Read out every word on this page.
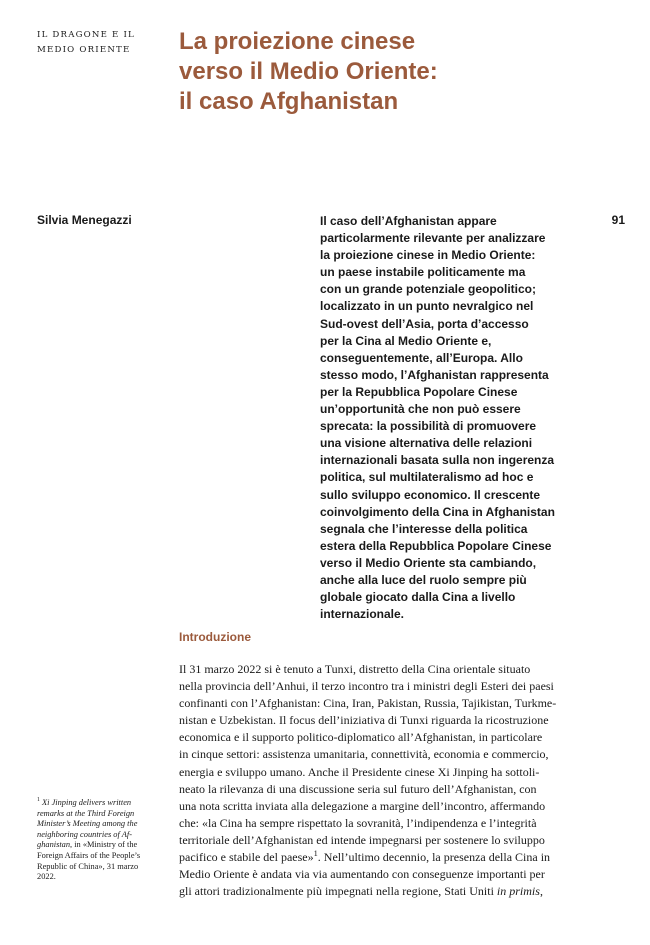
IL DRAGONE E IL
MEDIO ORIENTE	La proiezione cinese
verso il Medio Oriente:
il caso Afghanistan
Silvia Menegazzi	91
Il caso dell’Afghanistan appare
particolarmente rilevante per analizzare
la proiezione cinese in Medio Oriente:
un paese instabile politicamente ma
con un grande potenziale geopolitico;
localizzato in un punto nevralgico nel
Sud-ovest dell’Asia, porta d’accesso
per la Cina al Medio Oriente e,
conseguentemente, all’Europa. Allo
stesso modo, l’Afghanistan rappresenta
per la Repubblica Popolare Cinese
un’opportunità che non può essere
sprecata: la possibilità di promuovere
una visione alternativa delle relazioni
internazionali basata sulla non ingerenza
politica, sul multilateralismo ad hoc e
sullo sviluppo economico. Il crescente
coinvolgimento della Cina in Afghanistan
segnala che l’interesse della politica
estera della Repubblica Popolare Cinese
verso il Medio Oriente sta cambiando,
anche alla luce del ruolo sempre più
globale giocato dalla Cina a livello
internazionale.
Introduzione
Il 31 marzo 2022 si è tenuto a Tunxi, distretto della Cina orientale situato
nella provincia dell’Anhui, il terzo incontro tra i ministri degli Esteri dei paesi
confinanti con l’Afghanistan: Cina, Iran, Pakistan, Russia, Tajikistan, Turkme-
nistan e Uzbekistan. Il focus dell’iniziativa di Tunxi riguarda la ricostruzione
economica e il supporto politico-diplomatico all’Afghanistan, in particolare
in cinque settori: assistenza umanitaria, connettività, economia e commercio,
energia e sviluppo umano. Anche il Presidente cinese Xi Jinping ha sottoli-
neato la rilevanza di una discussione seria sul futuro dell’Afghanistan, con
una nota scritta inviata alla delegazione a margine dell’incontro, affermando
che: «la Cina ha sempre rispettato la sovranità, l’indipendenza e l’integrità
territoriale dell’Afghanistan ed intende impegnarsi per sostenere lo sviluppo
pacifico e stabile del paese»$^1$. Nell’ultimo decennio, la presenza della Cina in
Medio Oriente è andata via via aumentando con conseguenze importanti per
gli attori tradizionalmente più impegnati nella regione, Stati Uniti in primis,
$^1$ Xi Jinping delivers written
remarks at the Third Foreign
Minister’s Meeting among the
neighboring countries of Af-
ghanistan, in «Ministry of the
Foreign Affairs of the People’s
Republic of China», 31 marzo
2022.
